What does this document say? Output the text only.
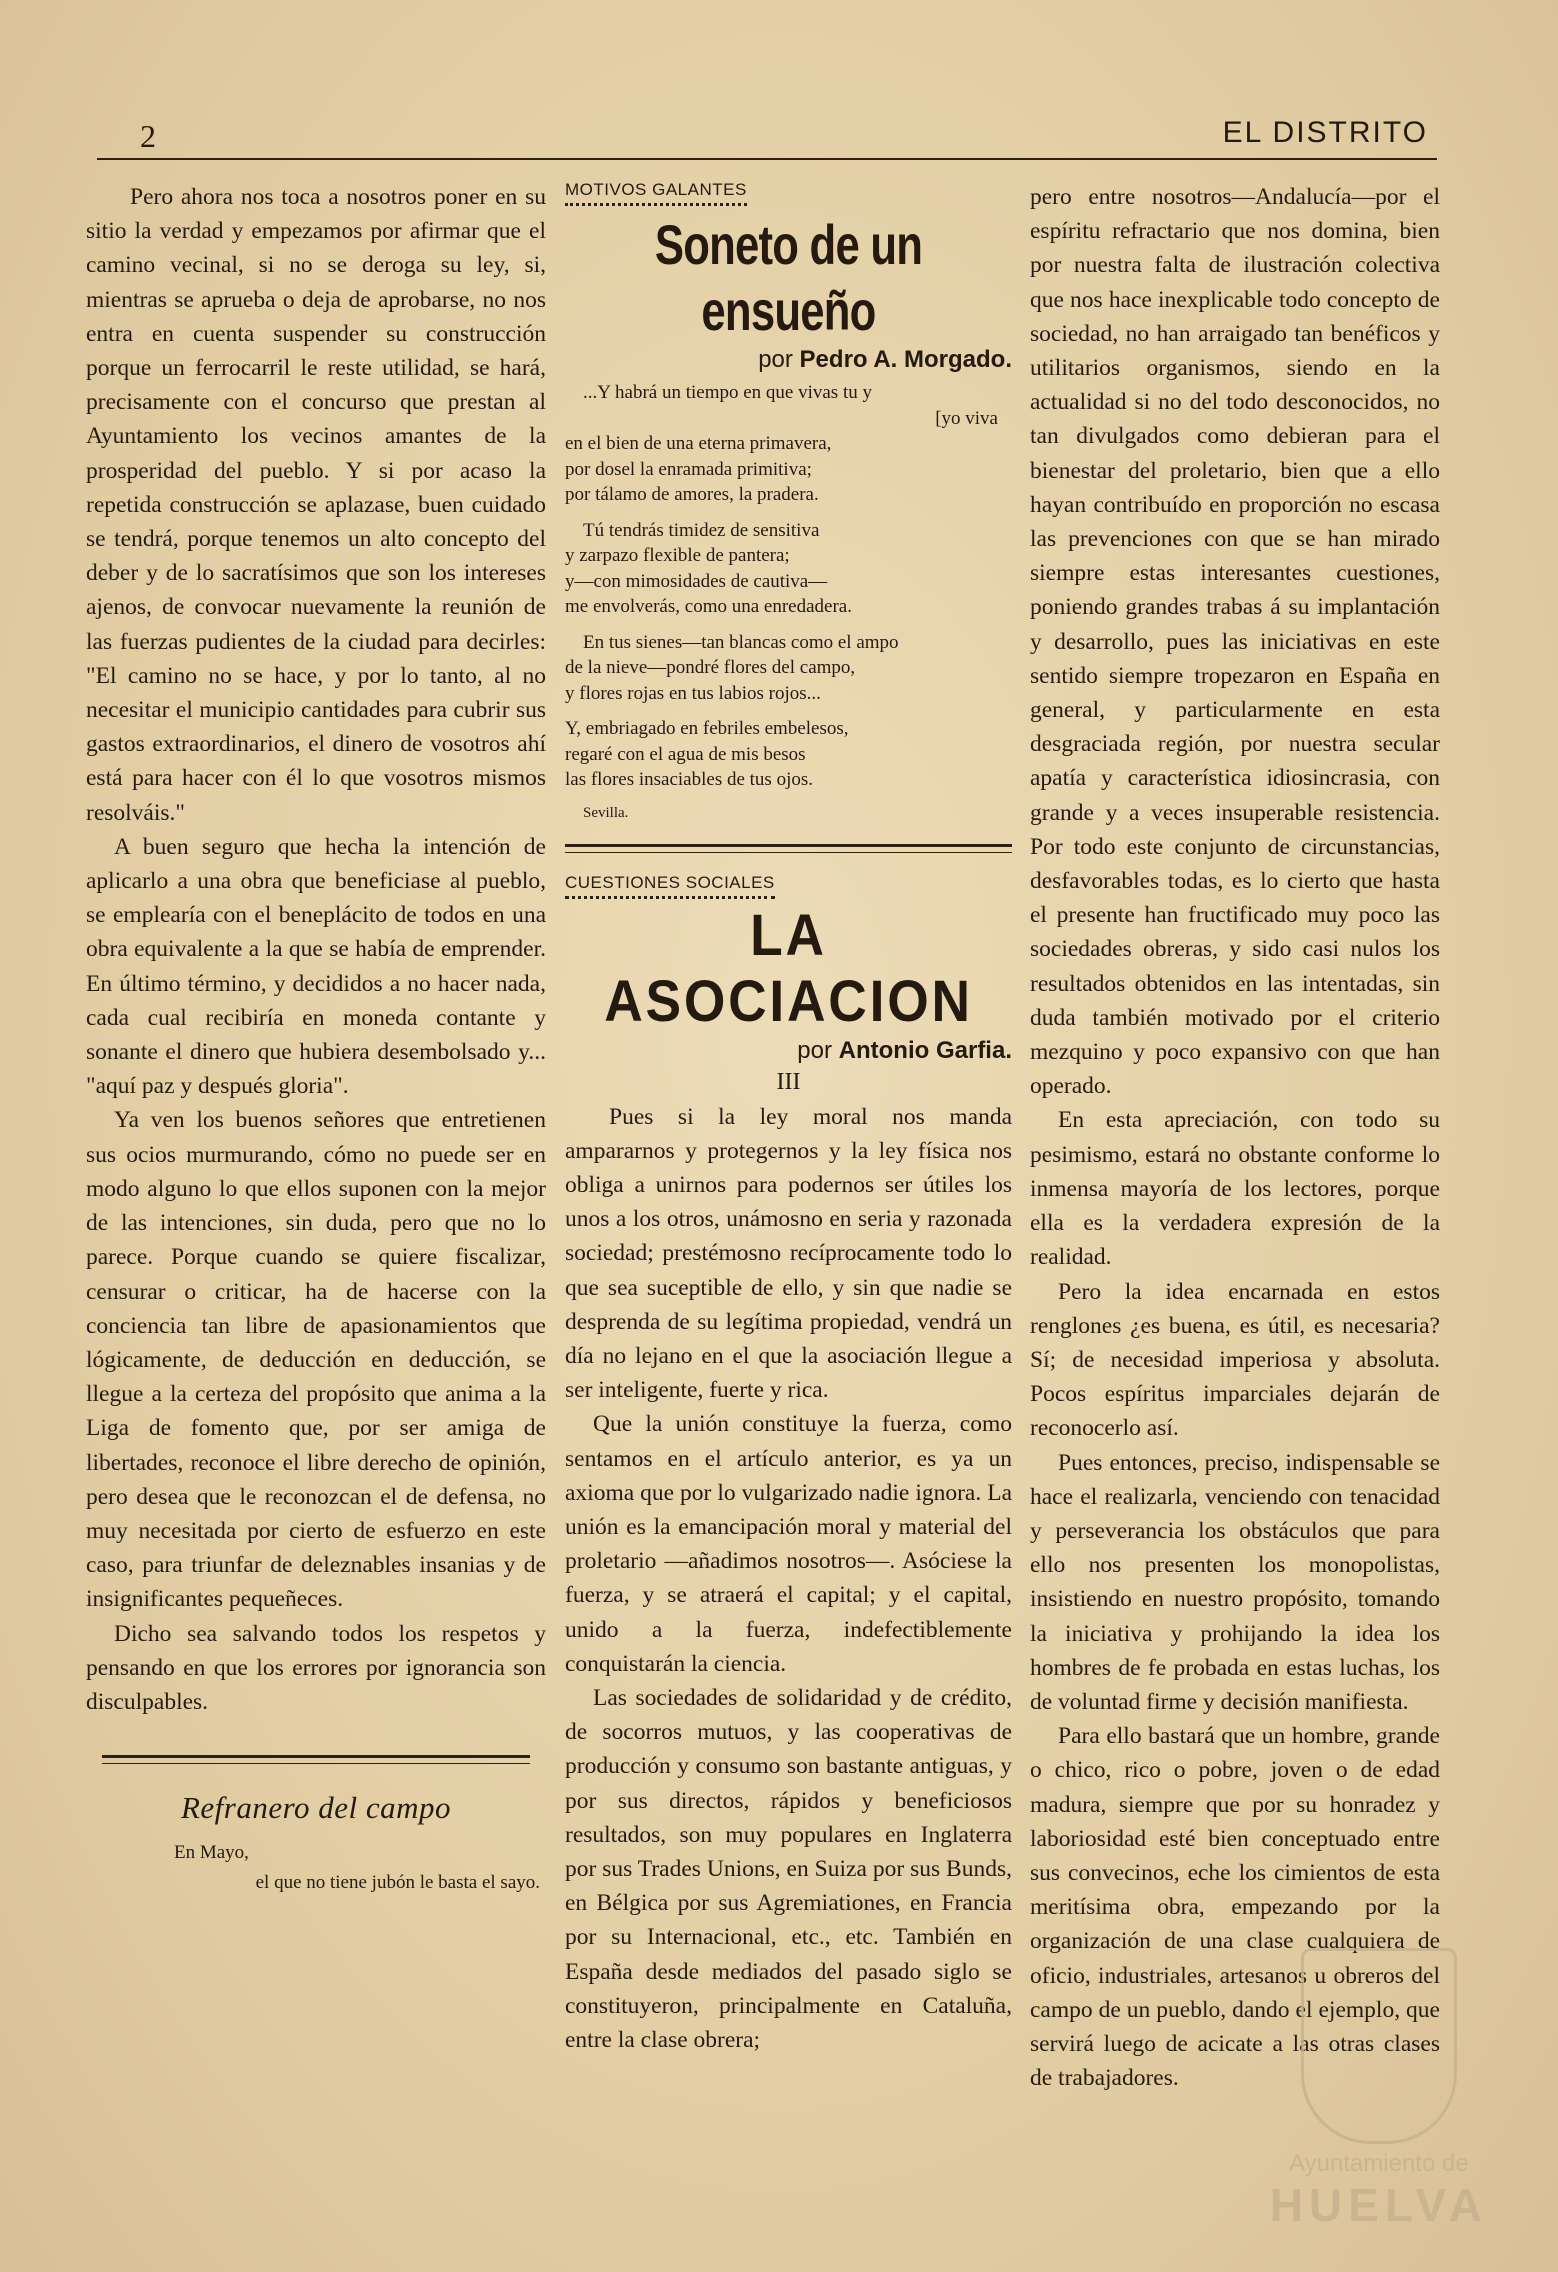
2	EL DISTRITO

Pero ahora nos toca a nosotros poner en su sitio la verdad y empezamos por afirmar que el camino vecinal, si no se deroga su ley, si, mientras se aprueba o deja de aprobarse, no nos entra en cuenta suspender su construcción porque un ferrocarril le reste utilidad, se hará, precisamente con el concurso que prestan al Ayuntamiento los vecinos amantes de la prosperidad del pueblo. Y si por acaso la repetida construcción se aplazase, buen cuidado se tendrá, porque tenemos un alto concepto del deber y de lo sacratísimos que son los intereses ajenos, de convocar nuevamente la reunión de las fuerzas pudientes de la ciudad para decirles: "El camino no se hace, y por lo tanto, al no necesitar el municipio cantidades para cubrir sus gastos extraordinarios, el dinero de vosotros ahí está para hacer con él lo que vosotros mismos resolváis."

A buen seguro que hecha la intención de aplicarlo a una obra que beneficiase al pueblo, se emplearía con el beneplácito de todos en una obra equivalente a la que se había de emprender. En último término, y decididos a no hacer nada, cada cual recibiría en moneda contante y sonante el dinero que hubiera desembolsado y... "aquí paz y después gloria".

Ya ven los buenos señores que entretienen sus ocios murmurando, cómo no puede ser en modo alguno lo que ellos suponen con la mejor de las intenciones, sin duda, pero que no lo parece. Porque cuando se quiere fiscalizar, censurar o criticar, ha de hacerse con la conciencia tan libre de apasionamientos que lógicamente, de deducción en deducción, se llegue a la certeza del propósito que anima a la Liga de fomento que, por ser amiga de libertades, reconoce el libre derecho de opinión, pero desea que le reconozcan el de defensa, no muy necesitada por cierto de esfuerzo en este caso, para triunfar de deleznables insanias y de insignificantes pequeñeces.

Dicho sea salvando todos los respetos y pensando en que los errores por ignorancia son disculpables.

Refranero del campo

En Mayo,

el que no tiene jubón le basta el sayo.

MOTIVOS GALANTES

Soneto de un ensueño

por Pedro A. Morgado.

...Y habrá un tiempo en que vivas tu y

[yo viva

en el bien de una eterna primavera,

por dosel la enramada primitiva;

por tálamo de amores, la pradera.

Tú tendrás timidez de sensitiva

y zarpazo flexible de pantera;

y—con mimosidades de cautiva—

me envolverás, como una enredadera.

En tus sienes—tan blancas como el ampo

de la nieve—pondré flores del campo,

y flores rojas en tus labios rojos...

Y, embriagado en febriles embelesos,

regaré con el agua de mis besos

las flores insaciables de tus ojos.

Sevilla.

CUESTIONES SOCIALES

LA ASOCIACION

por Antonio Garfia.

III

Pues si la ley moral nos manda ampararnos y protegernos y la ley física nos obliga a unirnos para podernos ser útiles los unos a los otros, unámosno en seria y razonada sociedad; prestémosno recíprocamente todo lo que sea suceptible de ello, y sin que nadie se desprenda de su legítima propiedad, vendrá un día no lejano en el que la asociación llegue a ser inteligente, fuerte y rica.

Que la unión constituye la fuerza, como sentamos en el artículo anterior, es ya un axioma que por lo vulgarizado nadie ignora. La unión es la emancipación moral y material del proletario —añadimos nosotros—. Asóciese la fuerza, y se atraerá el capital; y el capital, unido a la fuerza, indefectiblemente conquistarán la ciencia.

Las sociedades de solidaridad y de crédito, de socorros mutuos, y las cooperativas de producción y consumo son bastante antiguas, y por sus directos, rápidos y beneficiosos resultados, son muy populares en Inglaterra por sus Trades Unions, en Suiza por sus Bunds, en Bélgica por sus Agremiationes, en Francia por su Internacional, etc., etc. También en España desde mediados del pasado siglo se constituyeron, principalmente en Cataluña, entre la clase obrera;

pero entre nosotros—Andalucía—por el espíritu refractario que nos domina, bien por nuestra falta de ilustración colectiva que nos hace inexplicable todo concepto de sociedad, no han arraigado tan benéficos y utilitarios organismos, siendo en la actualidad si no del todo desconocidos, no tan divulgados como debieran para el bienestar del proletario, bien que a ello hayan contribuído en proporción no escasa las prevenciones con que se han mirado siempre estas interesantes cuestiones, poniendo grandes trabas á su implantación y desarrollo, pues las iniciativas en este sentido siempre tropezaron en España en general, y particularmente en esta desgraciada región, por nuestra secular apatía y característica idiosincrasia, con grande y a veces insuperable resistencia. Por todo este conjunto de circunstancias, desfavorables todas, es lo cierto que hasta el presente han fructificado muy poco las sociedades obreras, y sido casi nulos los resultados obtenidos en las intentadas, sin duda también motivado por el criterio mezquino y poco expansivo con que han operado.

En esta apreciación, con todo su pesimismo, estará no obstante conforme lo inmensa mayoría de los lectores, porque ella es la verdadera expresión de la realidad.

Pero la idea encarnada en estos renglones ¿es buena, es útil, es necesaria? Sí; de necesidad imperiosa y absoluta. Pocos espíritus imparciales dejarán de reconocerlo así.

Pues entonces, preciso, indispensable se hace el realizarla, venciendo con tenacidad y perseverancia los obstáculos que para ello nos presenten los monopolistas, insistiendo en nuestro propósito, tomando la iniciativa y prohijando la idea los hombres de fe probada en estas luchas, los de voluntad firme y decisión manifiesta.

Para ello bastará que un hombre, grande o chico, rico o pobre, joven o de edad madura, siempre que por su honradez y laboriosidad esté bien conceptuado entre sus convecinos, eche los cimientos de esta meritísima obra, empezando por la organización de una clase cualquiera de oficio, industriales, artesanos u obreros del campo de un pueblo, dando el ejemplo, que servirá luego de acicate a las otras clases de trabajadores.

Ayuntamiento de
HUELVA
